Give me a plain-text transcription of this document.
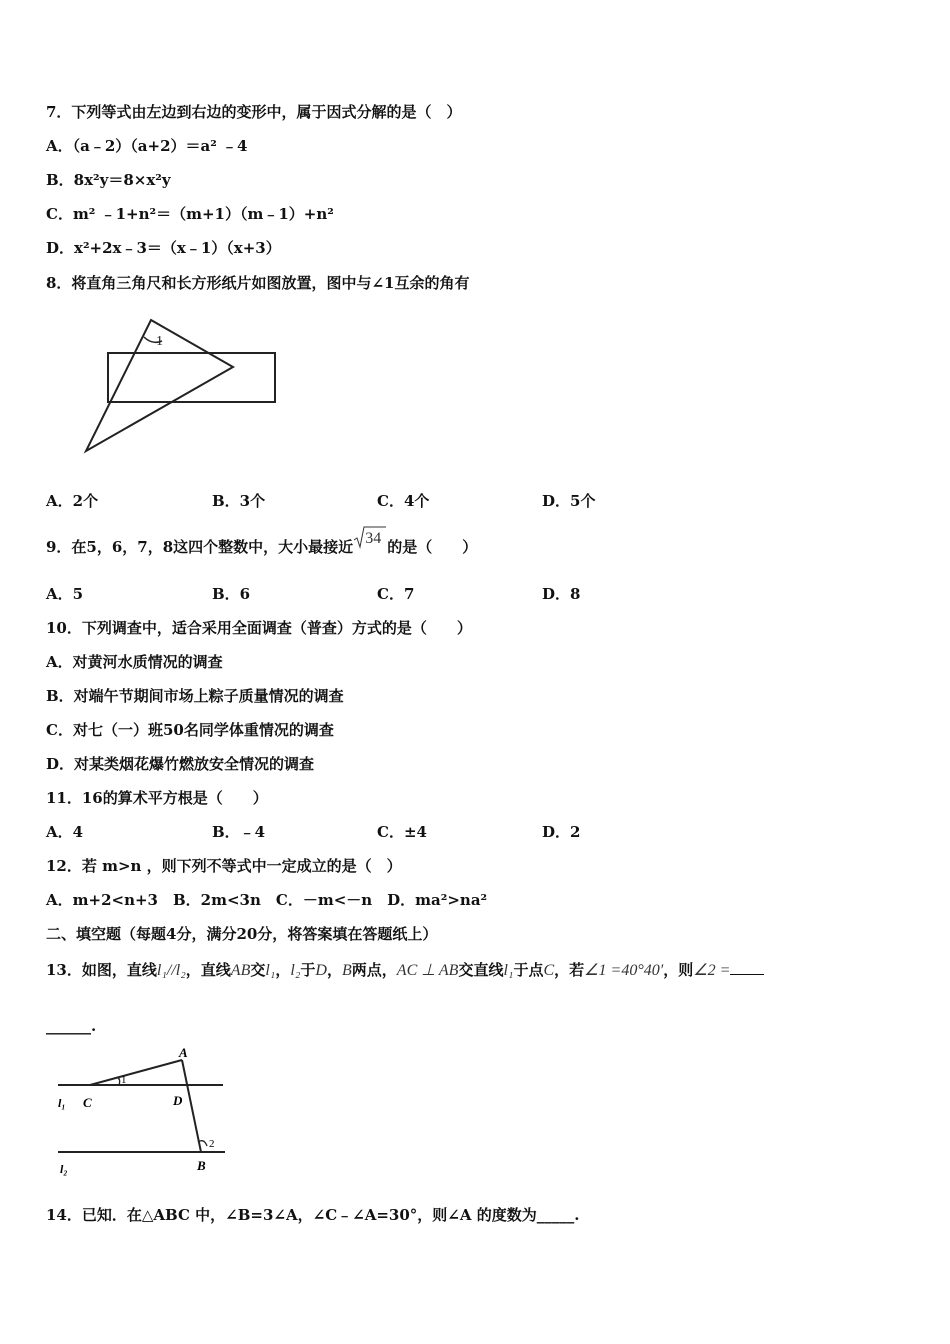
7．下列等式由左边到右边的变形中，属于因式分解的是（　）
A．（a﹣2）（a+2）＝a² ﹣4
B．8x²y＝8×x²y
C．m² ﹣1+n²＝（m+1）（m﹣1）+n²
D．x²+2x﹣3＝（x﹣1）（x+3）
8．将直角三角尺和长方形纸片如图放置，图中与∠1互余的角有
1
A．2个	B．3个	C．4个	D．5个
9．在5，6，7，8这四个整数中，大小最接近 34 的是（　　）
A．5	B．6	C．7	D．8
10．下列调查中，适合采用全面调查（普查）方式的是（　　）
A．对黄河水质情况的调查
B．对端午节期间市场上粽子质量情况的调查
C．对七（一）班50名同学体重情况的调查
D．对某类烟花爆竹燃放安全情况的调查
11．16的算术平方根是（　　）
A．4	B．﹣4	C．±4	D．2
12．若 m>n ，则下列不等式中一定成立的是（　）
A．m+2<n+3　B．2m<3n　C．－m<－n　D．ma²>na²
二、填空题（每题4分，满分20分，将答案填在答题纸上）
13．如图，直线l₁//l₂，直线AB交l₁，l₂于D，B两点，AC ⊥ AB交直线l₁于点C，若∠1 =40°40′，则∠2 =
______.
A
C	D
B
l₁
l₂
1
2
14．已知．在△ABC 中，∠B=3∠A，∠C﹣∠A=30°，则∠A 的度数为_____.
